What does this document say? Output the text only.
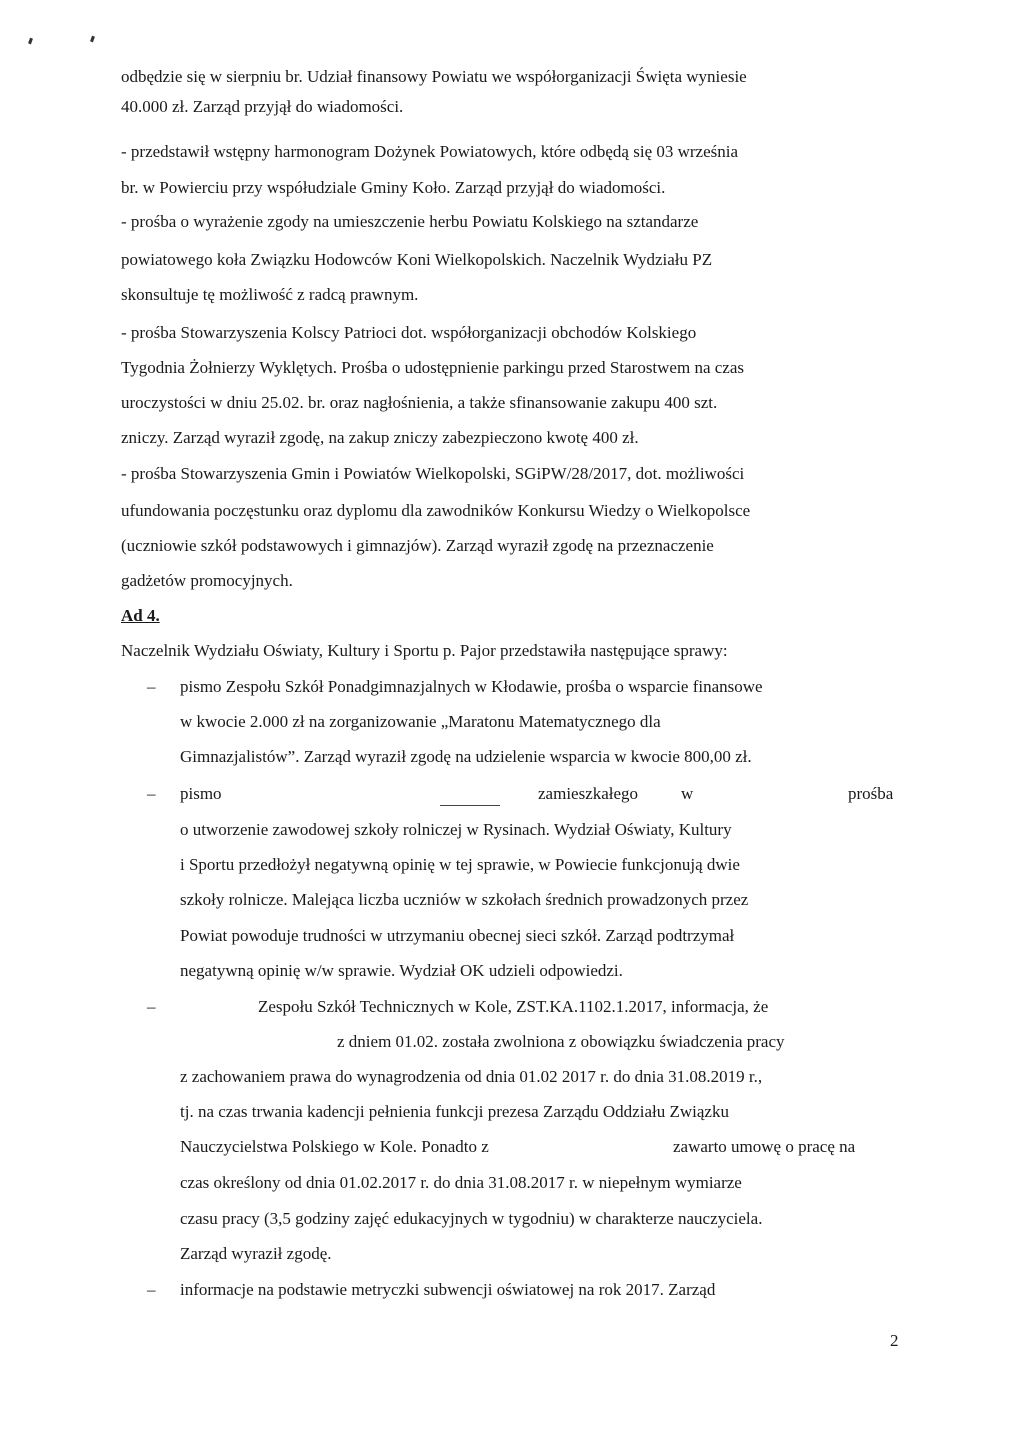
odbędzie się w sierpniu br. Udział finansowy Powiatu we współorganizacji Święta wyniesie
40.000 zł. Zarząd przyjął do wiadomości.
- przedstawił wstępny harmonogram Dożynek Powiatowych, które odbędą się 03 września
br. w Powierciu przy współudziale Gminy Koło. Zarząd przyjął do wiadomości.
- prośba o wyrażenie zgody na umieszczenie herbu Powiatu Kolskiego na sztandarze
powiatowego koła Związku Hodowców Koni Wielkopolskich. Naczelnik Wydziału PZ
skonsultuje tę możliwość z radcą prawnym.
- prośba Stowarzyszenia Kolscy Patrioci dot. współorganizacji obchodów Kolskiego
Tygodnia Żołnierzy Wyklętych. Prośba o udostępnienie parkingu przed Starostwem na czas
uroczystości w dniu 25.02. br. oraz nagłośnienia, a także sfinansowanie zakupu 400 szt.
zniczy. Zarząd wyraził zgodę, na zakup zniczy zabezpieczono kwotę 400 zł.
- prośba Stowarzyszenia Gmin i Powiatów Wielkopolski, SGiPW/28/2017, dot. możliwości
ufundowania poczęstunku oraz dyplomu dla zawodników Konkursu Wiedzy o Wielkopolsce
(uczniowie szkół podstawowych i gimnazjów). Zarząd wyraził zgodę na przeznaczenie
gadżetów promocyjnych.
Ad 4.
Naczelnik Wydziału Oświaty, Kultury i Sportu p. Pajor przedstawiła następujące sprawy:
– pismo Zespołu Szkół Ponadgimnazjalnych w Kłodawie, prośba o wsparcie finansowe
w kwocie 2.000 zł na zorganizowanie „Maratonu Matematycznego dla
Gimnazjalistów”. Zarząd wyraził zgodę na udzielenie wsparcia w kwocie 800,00 zł.
– pismo	zamieszkałego	w	prośba
o utworzenie zawodowej szkoły rolniczej w Rysinach. Wydział Oświaty, Kultury
i Sportu przedłożył negatywną opinię w tej sprawie, w Powiecie funkcjonują dwie
szkoły rolnicze. Malejąca liczba uczniów w szkołach średnich prowadzonych przez
Powiat powoduje trudności w utrzymaniu obecnej sieci szkół. Zarząd podtrzymał
negatywną opinię w/w sprawie. Wydział OK udzieli odpowiedzi.
–	Zespołu Szkół Technicznych w Kole, ZST.KA.1102.1.2017, informacja, że
z dniem 01.02. została zwolniona z obowiązku świadczenia pracy
z zachowaniem prawa do wynagrodzenia od dnia 01.02 2017 r. do dnia 31.08.2019 r.,
tj. na czas trwania kadencji pełnienia funkcji prezesa Zarządu Oddziału Związku
Nauczycielstwa Polskiego w Kole. Ponadto z	zawarto umowę o pracę na
czas określony od dnia 01.02.2017 r. do dnia 31.08.2017 r. w niepełnym wymiarze
czasu pracy (3,5 godziny zajęć edukacyjnych w tygodniu) w charakterze nauczyciela.
Zarząd wyraził zgodę.
– informacje na podstawie metryczki subwencji oświatowej na rok 2017. Zarząd
2
